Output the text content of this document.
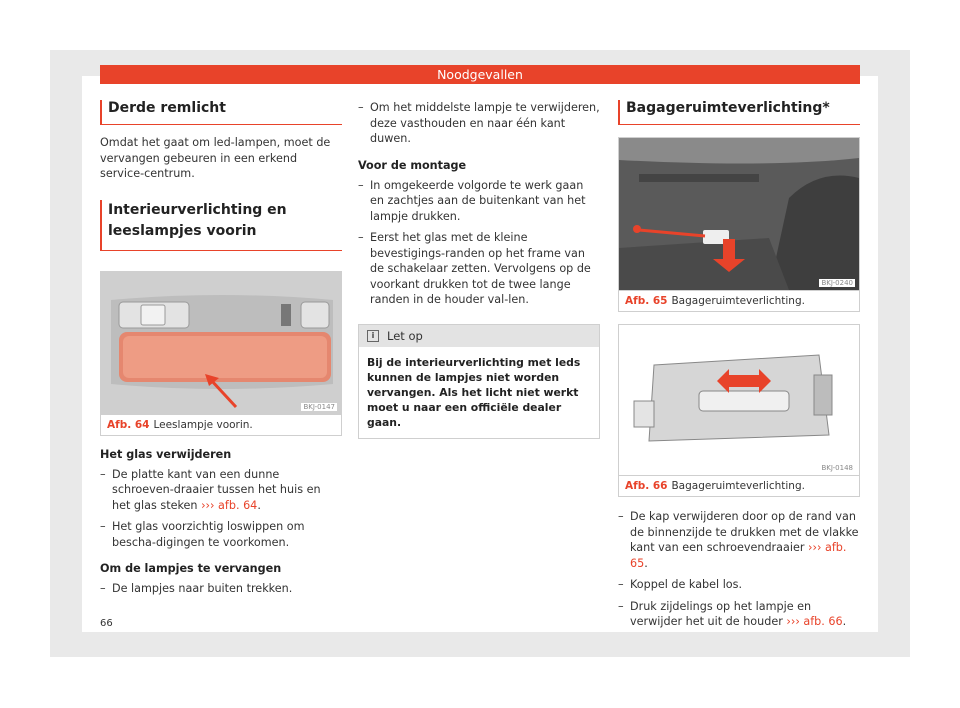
Noodgevallen
Derde remlicht
Omdat het gaat om led-lampen, moet de vervangen gebeuren in een erkend service-centrum.
Interieurverlichting en leeslampjes voorin
BKJ-0147
Afb. 64 Leeslampje voorin.
Het glas verwijderen
– De platte kant van een dunne schroeven-draaier tussen het huis en het glas steken ››› afb. 64.
– Het glas voorzichtig loswippen om bescha-digingen te voorkomen.
Om de lampjes te vervangen
– De lampjes naar buiten trekken.
– Om het middelste lampje te verwijderen, deze vasthouden en naar één kant duwen.
Voor de montage
– In omgekeerde volgorde te werk gaan en zachtjes aan de buitenkant van het lampje drukken.
– Eerst het glas met de kleine bevestigings-randen op het frame van de schakelaar zetten. Vervolgens op de voorkant drukken tot de twee lange randen in de houder val-len.
i	Let op
Bij de interieurverlichting met leds kunnen de lampjes niet worden vervangen. Als het licht niet werkt moet u naar een officiële dealer gaan.
Bagageruimteverlichting*
BKJ-0240
Afb. 65 Bagageruimteverlichting.
BKJ-0148
Afb. 66 Bagageruimteverlichting.
– De kap verwijderen door op de rand van de binnenzijde te drukken met de vlakke kant van een schroevendraaier ››› afb. 65.
– Koppel de kabel los.
– Druk zijdelings op het lampje en verwijder het uit de houder ››› afb. 66.
66
